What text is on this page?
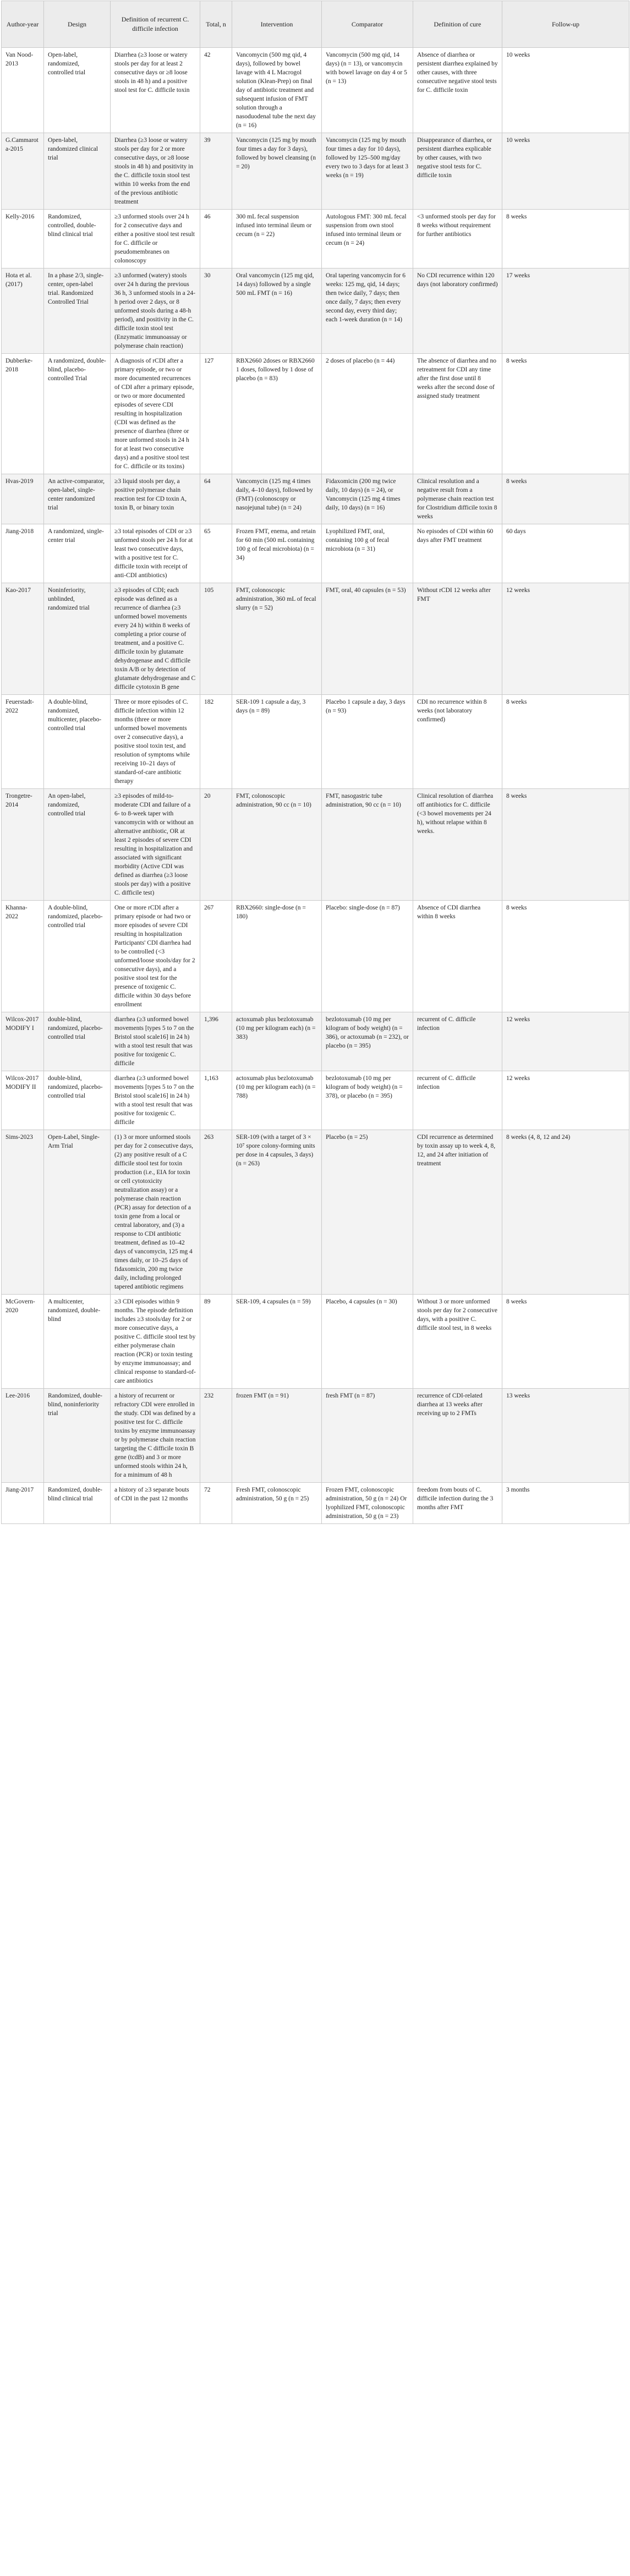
Author-year	Design	Definition of recurrent C. difficile infection	Total, n	Intervention	Comparator	Definition of cure	Follow-up
Van Nood-2013	Open-label, randomized, controlled trial	Diarrhea (≥3 loose or watery stools per day for at least 2 consecutive days or ≥8 loose stools in 48 h) and a positive stool test for C. difficile toxin	42	Vancomycin (500 mg qid, 4 days), followed by bowel lavage with 4 L Macrogol solution (Klean-Prep) on final day of antibiotic treatment and subsequent infusion of FMT solution through a nasoduodenal tube the next day (n = 16)	Vancomycin (500 mg qid, 14 days) (n = 13), or vancomycin with bowel lavage on day 4 or 5 (n = 13)	Absence of diarrhea or persistent diarrhea explained by other causes, with three consecutive negative stool tests for C. difficile toxin	10 weeks
G.Cammarota-2015	Open-label, randomized clinical trial	Diarrhea (≥3 loose or watery stools per day for 2 or more consecutive days, or ≥8 loose stools in 48 h) and positivity in the C. difficile toxin stool test within 10 weeks from the end of the previous antibiotic treatment	39	Vancomycin (125 mg by mouth four times a day for 3 days), followed by bowel cleansing (n = 20)	Vancomycin (125 mg by mouth four times a day for 10 days), followed by 125–500 mg/day every two to 3 days for at least 3 weeks (n = 19)	Disappearance of diarrhea, or persistent diarrhea explicable by other causes, with two negative stool tests for C. difficile toxin	10 weeks
Kelly-2016	Randomized, controlled, double-blind clinical trial	≥3 unformed stools over 24 h for 2 consecutive days and either a positive stool test result for C. difficile or pseudomembranes on colonoscopy	46	300 mL fecal suspension infused into terminal ileum or cecum (n = 22)	Autologous FMT: 300 mL fecal suspension from own stool infused into terminal ileum or cecum (n = 24)	<3 unformed stools per day for 8 weeks without requirement for further antibiotics	8 weeks
Hota et al. (2017)	In a phase 2/3, single-center, open-label trial. Randomized Controlled Trial	≥3 unformed (watery) stools over 24 h during the previous 36 h, 3 unformed stools in a 24-h period over 2 days, or 8 unformed stools during a 48-h period), and positivity in the C. difficile toxin stool test (Enzymatic immunoassay or polymerase chain reaction)	30	Oral vancomycin (125 mg qid, 14 days) followed by a single 500 mL FMT (n = 16)	Oral tapering vancomycin for 6 weeks: 125 mg, qid, 14 days; then twice daily, 7 days; then once daily, 7 days; then every second day, every third day; each 1-week duration (n = 14)	No CDI recurrence within 120 days (not laboratory confirmed)	17 weeks
Dubberke-2018	A randomized, double-blind, placebo-controlled Trial	A diagnosis of rCDI after a primary episode, or two or more documented recurrences of CDI after a primary episode, or two or more documented episodes of severe CDI resulting in hospitalization (CDI was defined as the presence of diarrhea (three or more unformed stools in 24 h for at least two consecutive days) and a positive stool test for C. difficile or its toxins)	127	RBX2660 2doses or RBX2660 1 doses, followed by 1 dose of placebo (n = 83)	2 doses of placebo (n = 44)	The absence of diarrhea and no retreatment for CDI any time after the first dose until 8 weeks after the second dose of assigned study treatment	8 weeks
Hvas-2019	An active-comparator, open-label, single-center randomized trial	≥3 liquid stools per day, a positive polymerase chain reaction test for CD toxin A, toxin B, or binary toxin	64	Vancomycin (125 mg 4 times daily, 4–10 days), followed by (FMT) (colonoscopy or nasojejunal tube) (n = 24)	Fidaxomicin (200 mg twice daily, 10 days) (n = 24), or Vancomycin (125 mg 4 times daily, 10 days) (n = 16)	Clinical resolution and a negative result from a polymerase chain reaction test for Clostridium difficile toxin 8 weeks	8 weeks
Jiang-2018	A randomized, single-center trial	≥3 total episodes of CDI or ≥3 unformed stools per 24 h for at least two consecutive days, with a positive test for C. difficile toxin with receipt of anti-CDI antibiotics)	65	Frozen FMT, enema, and retain for 60 min (500 mL containing 100 g of fecal microbiota) (n = 34)	Lyophilized FMT, oral, containing 100 g of fecal microbiota (n = 31)	No episodes of CDI within 60 days after FMT treatment	60 days
Kao-2017	Noninferiority, unblinded, randomized trial	≥3 episodes of CDI; each episode was defined as a recurrence of diarrhea (≥3 unformed bowel movements every 24 h) within 8 weeks of completing a prior course of treatment, and a positive C. difficile toxin by glutamate dehydrogenase and C difficile toxin A/B or by detection of glutamate dehydrogenase and C difficile cytotoxin B gene	105	FMT, colonoscopic administration, 360 mL of fecal slurry (n = 52)	FMT, oral, 40 capsules (n = 53)	Without rCDI 12 weeks after FMT	12 weeks
Feuerstadt-2022	A double-blind, randomized, multicenter, placebo-controlled trial	Three or more episodes of C. difficile infection within 12 months (three or more unformed bowel movements over 2 consecutive days), a positive stool toxin test, and resolution of symptoms while receiving 10–21 days of standard-of-care antibiotic therapy	182	SER-109 1 capsule a day, 3 days (n = 89)	Placebo 1 capsule a day, 3 days (n = 93)	CDI no recurrence within 8 weeks (not laboratory confirmed)	8 weeks
Trongetre-2014	An open-label, randomized, controlled trial	≥3 episodes of mild-to-moderate CDI and failure of a 6- to 8-week taper with vancomycin with or without an alternative antibiotic, OR at least 2 episodes of severe CDI resulting in hospitalization and associated with significant morbidity (Active CDI was defined as diarrhea (≥3 loose stools per day) with a positive C. difficile test)	20	FMT, colonoscopic administration, 90 cc (n = 10)	FMT, nasogastric tube administration, 90 cc (n = 10)	Clinical resolution of diarrhea off antibiotics for C. difficile (<3 bowel movements per 24 h), without relapse within 8 weeks.	8 weeks
Khanna-2022	A double-blind, randomized, placebo-controlled trial	One or more rCDI after a primary episode or had two or more episodes of severe CDI resulting in hospitalization Participants' CDI diarrhea had to be controlled (<3 unformed/loose stools/day for 2 consecutive days), and a positive stool test for the presence of toxigenic C. difficile within 30 days before enrollment	267	RBX2660: single-dose (n = 180)	Placebo: single-dose (n = 87)	Absence of CDI diarrhea within 8 weeks	8 weeks
Wilcox-2017 MODIFY I	double-blind, randomized, placebo-controlled trial	diarrhea (≥3 unformed bowel movements [types 5 to 7 on the Bristol stool scale16] in 24 h) with a stool test result that was positive for toxigenic C. difficile	1,396	actoxumab plus bezlotoxumab (10 mg per kilogram each) (n = 383)	bezlotoxumab (10 mg per kilogram of body weight) (n = 386), or actoxumab (n = 232), or placebo (n = 395)	recurrent of C. difficile infection	12 weeks
Wilcox-2017 MODIFY II	double-blind, randomized, placebo-controlled trial	diarrhea (≥3 unformed bowel movements [types 5 to 7 on the Bristol stool scale16] in 24 h) with a stool test result that was positive for toxigenic C. difficile	1,163	actoxumab plus bezlotoxumab (10 mg per kilogram each) (n = 788)	bezlotoxumab (10 mg per kilogram of body weight) (n = 378), or placebo (n = 395)	recurrent of C. difficile infection	12 weeks
Sims-2023	Open-Label, Single-Arm Trial	(1) 3 or more unformed stools per day for 2 consecutive days, (2) any positive result of a C difficile stool test for toxin production (i.e., EIA for toxin or cell cytotoxicity neutralization assay) or a polymerase chain reaction (PCR) assay for detection of a toxin gene from a local or central laboratory, and (3) a response to CDI antibiotic treatment, defined as 10–42 days of vancomycin, 125 mg 4 times daily, or 10–25 days of fidaxomicin, 200 mg twice daily, including prolonged tapered antibiotic regimens	263	SER-109 (with a target of 3 × 10⁷ spore colony-forming units per dose in 4 capsules, 3 days) (n = 263)	Placebo (n = 25)	CDI recurrence as determined by toxin assay up to week 4, 8, 12, and 24 after initiation of treatment	8 weeks (4, 8, 12 and 24)
McGovern-2020	A multicenter, randomized, double-blind	≥3 CDI episodes within 9 months. The episode definition includes ≥3 stools/day for 2 or more consecutive days, a positive C. difficile stool test by either polymerase chain reaction (PCR) or toxin testing by enzyme immunoassay; and clinical response to standard-of-care antibiotics	89	SER-109, 4 capsules (n = 59)	Placebo, 4 capsules (n = 30)	Without 3 or more unformed stools per day for 2 consecutive days, with a positive C. difficile stool test, in 8 weeks	8 weeks
Lee-2016	Randomized, double-blind, noninferiority trial	a history of recurrent or refractory CDI were enrolled in the study. CDI was defined by a positive test for C. difficile toxins by enzyme immunoassay or by polymerase chain reaction targeting the C difficile toxin B gene (tcdB) and 3 or more unformed stools within 24 h, for a minimum of 48 h	232	frozen FMT (n = 91)	fresh FMT (n = 87)	recurrence of CDI-related diarrhea at 13 weeks after receiving up to 2 FMTs	13 weeks
Jiang-2017	Randomized, double-blind clinical trial	a history of ≥3 separate bouts of CDI in the past 12 months	72	Fresh FMT, colonoscopic administration, 50 g (n = 25)	Frozen FMT, colonoscopic administration, 50 g (n = 24) Or lyophilized FMT, colonoscopic administration, 50 g (n = 23)	freedom from bouts of C. difficile infection during the 3 months after FMT	3 months
